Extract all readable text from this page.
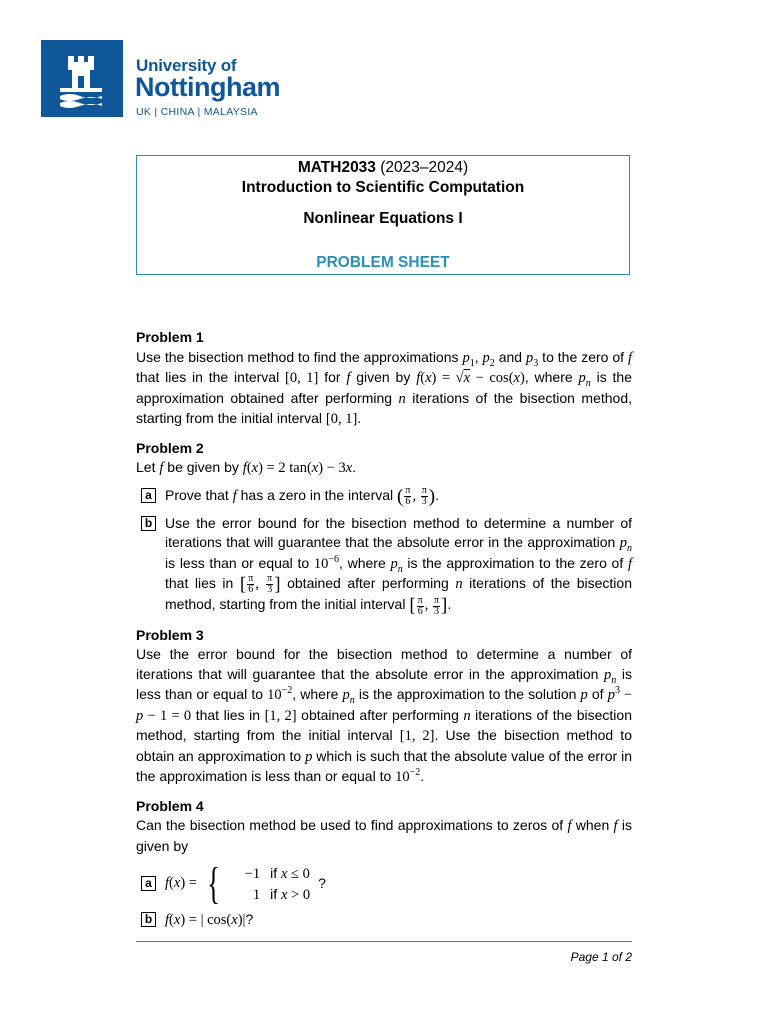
University of
Nottingham
UK | CHINA | MALAYSIA
MATH2033 (2023–2024)
Introduction to Scientific Computation
Nonlinear Equations I
PROBLEM SHEET
Problem 1

Use the bisection method to find the approximations $p_1$, $p_2$ and $p_3$ to the zero of f that lies in the interval [0, 1] for f given by f(x) = √x − cos(x), where $p_n$ is the approximation obtained after performing n iterations of the bisection method, starting from the initial interval [0, 1].

Problem 2

Let f be given by f(x) = 2 tan(x) − 3x.

a Prove that f has a zero in the interval ( $\frac{\pi}{6}$ , $\frac{\pi}{3}$ ).
b Use the error bound for the bisection method to determine a number of iterations that will guarantee that the absolute error in the approximation $p_n$ is less than or equal to $10^{-6}$, where $p_n$ is the approximation to the zero of f that lies in [ $\frac{\pi}{6}$ , $\frac{\pi}{3}$ ] obtained after performing n iterations of the bisection method, starting from the initial interval [ $\frac{\pi}{6}$ , $\frac{\pi}{3}$ ].
Problem 3

Use the error bound for the bisection method to determine a number of iterations that will guarantee that the absolute error in the approximation $p_n$ is less than or equal to $10^{-2}$, where $p_n$ is the approximation to the solution p of $p^3 - p - 1 = 0$ that lies in [1, 2] obtained after performing n iterations of the bisection method, starting from the initial interval [1, 2]. Use the bisection method to obtain an approximation to p which is such that the absolute value of the error in the approximation is less than or equal to $10^{-2}$.

Problem 4

Can the bisection method be used to find approximations to zeros of f when f is given by

a f(x) = {	−1 if x ≤ 0
1 if x > 0
?
b f(x) = | cos(x)|?
Page 1 of 2
